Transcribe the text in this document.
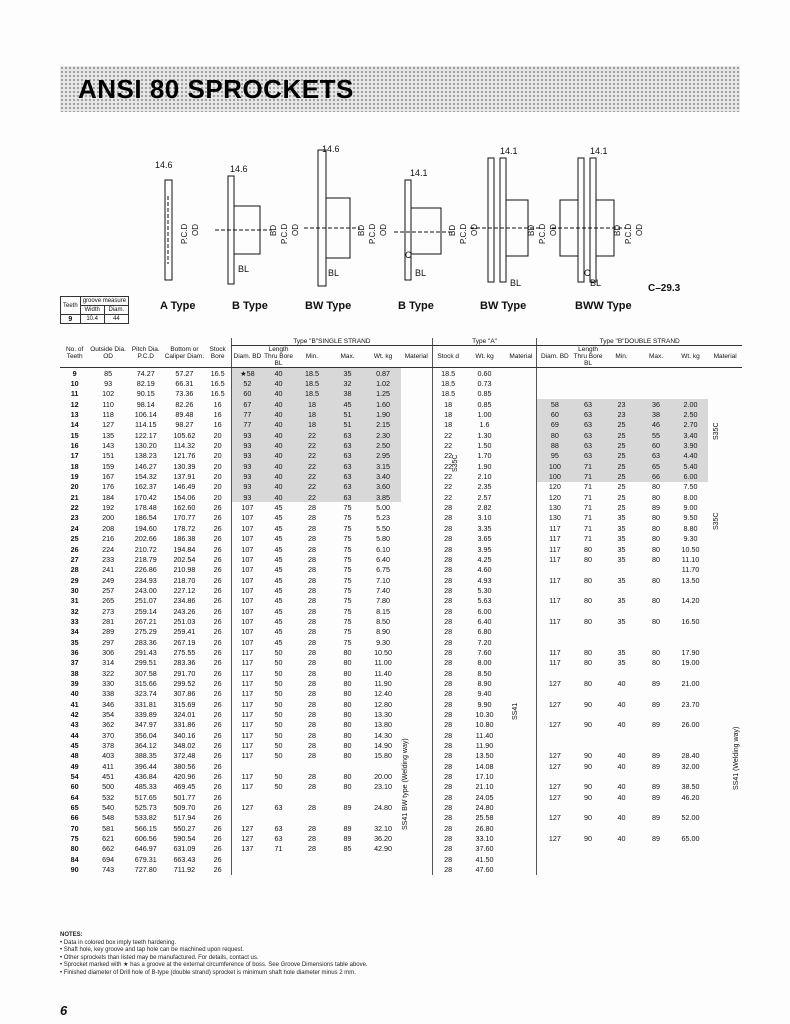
ANSI 80 SPROCKETS
14.6	14.6
14.6
14.1
14.1	14.1
BL	BL
C
BL
BL	BL
C
P.C.D OD	BD P.C.D OD	BD P.C.D OD	BD P.C.D OD	BD P.C.D OD	BD P.C.D OD
A Type	B Type	BW Type	B Type	BW Type	BWW Type
C–29.3
Teeth	groove measure	
	Width	Diam.
9	10.4	44
No. of Teeth	Outside Dia. OD	Pitch Dia. P.C.D	Bottom or Caliper Diam.	Stock Bore	Type "B"SINGLE STRAND						Type "A"			Type "B"DOUBLE STRAND					
					Diam. BD	Length Thru Bore BL	Min.	Max.	Wt. kg	Material	Stock d	Wt. kg	Material	Diam. BD	Length Thru Bore BL	Min.	Max.	Wt. kg	Material
9	85	74.27	57.27	16.5	★58	40	18.5	35	0.87		18.5	0.60							
10	93	82.19	66.31	16.5	52	40	18.5	32	1.02		18.5	0.73							
11	102	90.15	73.36	16.5	60	40	18.5	38	1.25		18.5	0.85							
12	110	98.14	82.26	16	67	40	18	45	1.60		18	0.85		58	63	23	36	2.00	
13	118	106.14	89.48	16	77	40	18	51	1.90		18	1.00		60	63	23	38	2.50	
14	127	114.15	98.27	16	77	40	18	51	2.15		18	1.6		69	63	25	46	2.70	
15	135	122.17	105.62	20	93	40	22	63	2.30		22	1.30		80	63	25	55	3.40	
16	143	130.20	114.32	20	93	40	22	63	2.50		22	1.50		88	63	25	60	3.90	
17	151	138.23	121.76	20	93	40	22	63	2.95		22	1.70		95	63	25	63	4.40	
18	159	146.27	130.39	20	93	40	22	63	3.15		22	1.90		100	71	25	65	5.40	
19	167	154.32	137.91	20	93	40	22	63	3.40		22	2.10		100	71	25	66	6.00	
20	176	162.37	146.49	20	93	40	22	63	3.60		22	2.35		120	71	25	80	7.50	
21	184	170.42	154.06	20	93	40	22	63	3.85		22	2.57		120	71	25	80	8.00	
22	192	178.48	162.60	26	107	45	28	75	5.00		28	2.82		130	71	25	89	9.00	
23	200	186.54	170.77	26	107	45	28	75	5.23		28	3.10		130	71	35	80	9.50	
24	208	194.60	178.72	26	107	45	28	75	5.50		28	3.35		117	71	35	80	8.80	
25	216	202.66	186.38	26	107	45	28	75	5.80		28	3.65		117	71	35	80	9.30	
26	224	210.72	194.84	26	107	45	28	75	6.10		28	3.95		117	80	35	80	10.50	
27	233	218.79	202.54	26	107	45	28	75	6.40		28	4.25		117	80	35	80	11.10	
28	241	226.86	210.98	26	107	45	28	75	6.75		28	4.60						11.70	
29	249	234.93	218.70	26	107	45	28	75	7.10		28	4.93		117	80	35	80	13.50	
30	257	243.00	227.12	26	107	45	28	75	7.40		28	5.30							
31	265	251.07	234.86	26	107	45	28	75	7.80		28	5.63		117	80	35	80	14.20	
32	273	259.14	243.26	26	107	45	28	75	8.15		28	6.00							
33	281	267.21	251.03	26	107	45	28	75	8.50		28	6.40		117	80	35	80	16.50	
34	289	275.29	259.41	26	107	45	28	75	8.90		28	6.80							
35	297	283.36	267.19	26	107	45	28	75	9.30		28	7.20							
36	306	291.43	275.55	26	117	50	28	80	10.50		28	7.60		117	80	35	80	17.90	
37	314	299.51	283.36	26	117	50	28	80	11.00		28	8.00		117	80	35	80	19.00	
38	322	307.58	291.70	26	117	50	28	80	11.40		28	8.50							
39	330	315.66	299.52	26	117	50	28	80	11.90		28	8.90		127	80	40	89	21.00	
40	338	323.74	307.86	26	117	50	28	80	12.40		28	9.40							
41	346	331.81	315.69	26	117	50	28	80	12.80		28	9.90		127	90	40	89	23.70	
42	354	339.89	324.01	26	117	50	28	80	13.30		28	10.30							
43	362	347.97	331.86	26	117	50	28	80	13.80		28	10.80		127	90	40	89	26.00	
44	370	356.04	340.16	26	117	50	28	80	14.30		28	11.40							
45	378	364.12	348.02	26	117	50	28	80	14.90		28	11.90							
48	403	388.35	372.48	26	117	50	28	80	15.80		28	13.50		127	90	40	89	28.40	
49	411	396.44	380.56	26							28	14.08		127	90	40	89	32.00	
54	451	436.84	420.96	26	117	50	28	80	20.00		28	17.10							
60	500	485.33	469.45	26	117	50	28	80	23.10		28	21.10		127	90	40	89	38.50	
64	532	517.65	501.77	26							28	24.05		127	90	40	89	46.20	
65	540	525.73	509.70	26	127	63	28	89	24.80		28	24.80							
66	548	533.82	517.94	26							28	25.58		127	90	40	89	52.00	
70	581	566.15	550.27	26	127	63	28	89	32.10		28	26.80							
75	621	606.56	590.54	26	127	63	28	89	36.20		28	33.10		127	90	40	89	65.00	
80	662	646.97	631.09	26	137	71	28	85	42.90		28	37.60							
84	694	679.31	663.43	26							28	41.50							
90	743	727.80	711.92	26							28	47.60							
S35C
S35C
S35C
SS41
SS41 BW type (Welding way)	SS41 (Welding way)
NOTES:
• Data in colored box imply teeth hardening.
• Shaft hole, key groove and tap hole can be machined upon request.
• Other sprockets than listed may be manufactured. For details, contact us.
• Sprocket marked with ★ has a groove at the external circumference of boss. See Groove Dimensions table above.
• Finished diameter of Drill hole of B-type (double strand) sprocket is minimum shaft hole diameter minus 2 mm.
6
